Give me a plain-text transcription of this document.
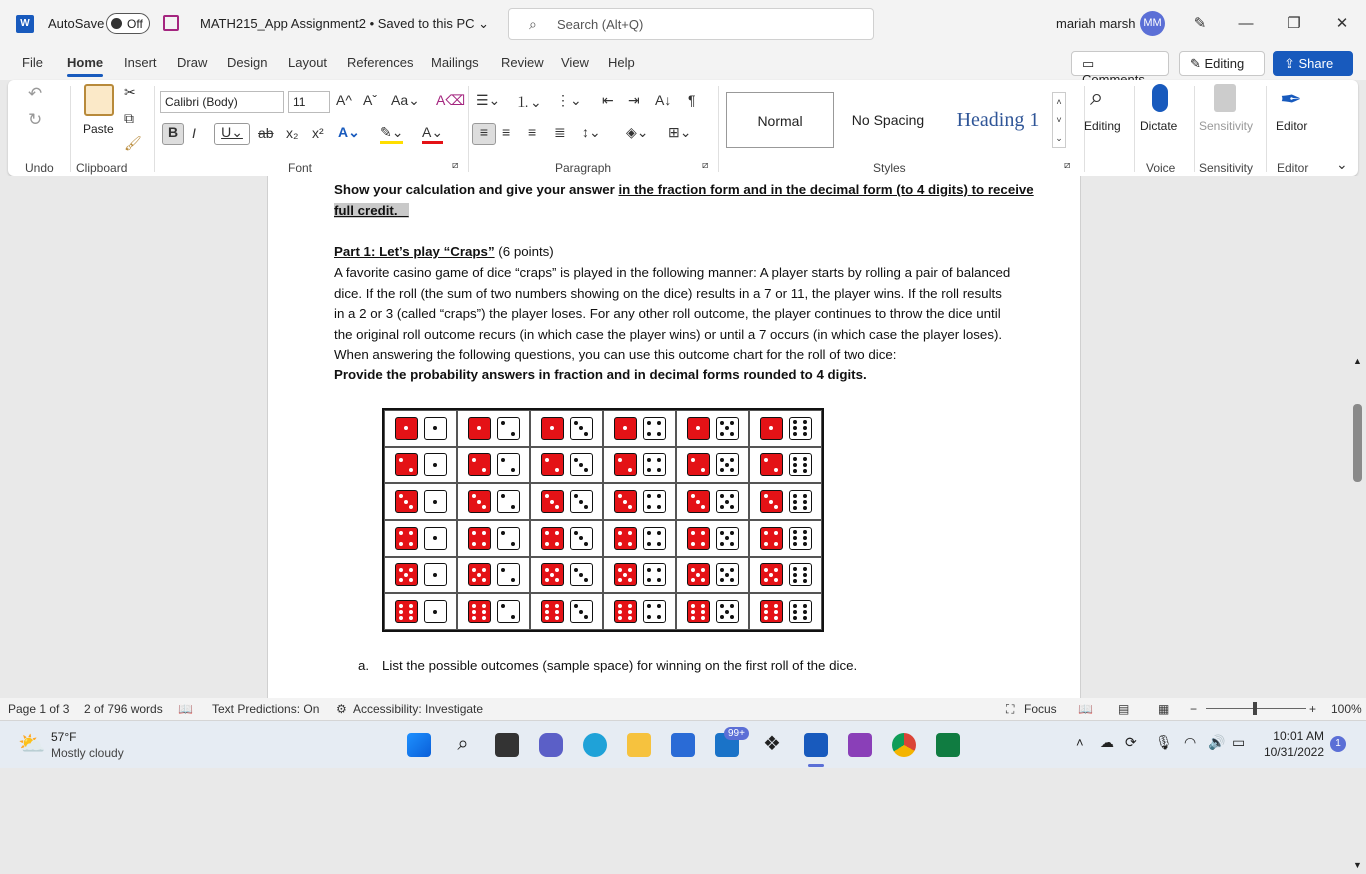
W	AutoSave Off	MATH215_App Assignment2 • Saved to this PC ⌄	⌕ Search (Alt+Q)	mariah marsh MM	✎	—	❐	✕
File Home Insert Draw Design Layout References Mailings Review View Help	▭	✎ Editing	⇪ Share
↶
↻
Undo
Paste
✂
⧉
🖌
Clipboard
Calibri (Body)	11	A^ Aˇ Aa⌄ A⌫
B I	U⌄	ab x₂ x² A⌄ ✎⌄ A⌄
Font	⧄
☰⌄ ⒈⌄ ⋮⌄ ⇤ ⇥ A↓ ¶
≡ ≡ ≡ ≣ ↕⌄ ◈⌄ ⊞⌄
Paragraph	⧄
Normal	No Spacing	Heading 1
˄
˅
⌄
Styles	⧄
⌕
Editing Dictate
Voice
Sensitivity
Sensitivity
✒
Editor
Editor ⌄
Show your calculation and give your answer in the fraction form and in the decimal form (to 4 digits) to receive
full credit.
Part 1: Let’s play “Craps” (6 points)
A favorite casino game of dice “craps” is played in the following manner: A player starts by rolling a pair of balanced
dice. If the roll (the sum of two numbers showing on the dice) results in a 7 or 11, the player wins. If the roll results
in a 2 or 3 (called “craps”) the player loses. For any other roll outcome, the player continues to throw the dice until
the original roll outcome recurs (in which case the player wins) or until a 7 occurs (in which case the player loses).
When answering the following questions, you can use this outcome chart for the roll of two dice:
Provide the probability answers in fraction and in decimal forms rounded to 4 digits.
a. List the possible outcomes (sample space) for winning on the first roll of the dice.
▲
▼
Page 1 of 3 2 of 796 words 📖 Text Predictions: On ⚙ Accessibility: Investigate	⛶ Focus 📖 ▤ ▦ −	+ 100%
⛅ 57°F
Mostly cloudy	⌕	99+ ❖	˄ ☁ ⟳ 🎙 ◠ 🔊 ▭	10:01 AM
10/31/2022
1
